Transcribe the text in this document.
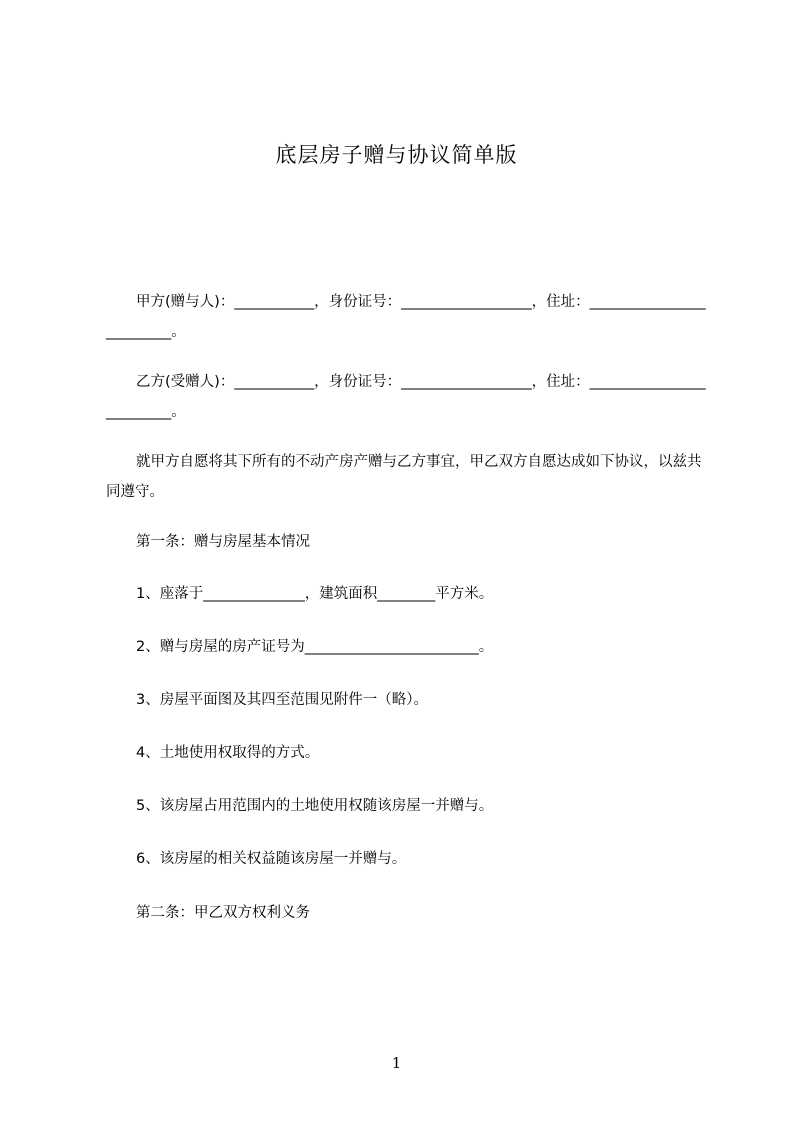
底层房子赠与协议简单版
甲方(赠与人)：___________，身份证号：__________________，住址：_________________________。
乙方(受赠人)：___________，身份证号：__________________，住址：_________________________。
就甲方自愿将其下所有的不动产房产赠与乙方事宜，甲乙双方自愿达成如下协议，以兹共同遵守。
第一条：赠与房屋基本情况
1、座落于______________，建筑面积________平方米。
2、赠与房屋的房产证号为________________________。
3、房屋平面图及其四至范围见附件一（略）。
4、土地使用权取得的方式。
5、该房屋占用范围内的土地使用权随该房屋一并赠与。
6、该房屋的相关权益随该房屋一并赠与。
第二条：甲乙双方权利义务
1
